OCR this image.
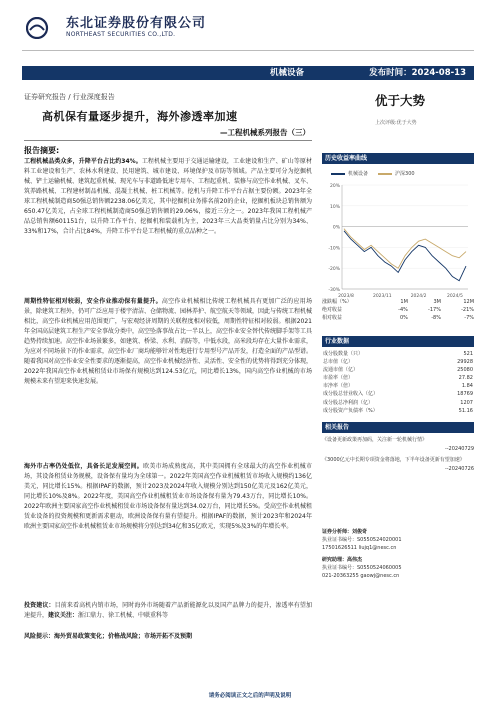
东北证券股份有限公司
NORTHEAST SECURITIES CO.,LTD.
机械设备	发布时间：2024-08-13
证券研究报告 / 行业深度报告	优于大势
上次评级:优于大势
高机保有量逐步提升，海外渗透率加速
—工程机械系列报告（三）
报告摘要:
工程机械品类众多，升降平台占比约34%。工程机械主要用于交通运输建设，工业建设和生产、矿山等原材料工业建设和生产、农林水利建设、民用建筑、城市建设、环境保护及市防等领域。产品主要可分为挖掘机械、铲土运输机械、建筑起重机械、现光车与非道路低速专用车、工程起重机、装修与高空作业机械、叉车、筑养路机械、工程建材制品机械、混凝土机械、桩工机械等。挖机与升降工作平台占据主要份额。2023年全球工程机械制造商50强总销售额2238.06亿美元，其中挖掘机业务排名前20的企业，挖掘机板块总销售额为650.47亿美元，占全球工程机械制造商50强总销售额的29.06%，接近三分之一。2023年我国工程机械产品总销售额601151台，以升降工作平台、挖掘机和装载机为主，2023年三大品类销量占比分别为34%、33%和17%，合计占比84%，升降工作平台是工程机械的重点品种之一。
周期性特征相对较弱，安全作业推动保有量提升。高空作业机械相比传统工程机械具有更加广泛的应用场景，除建筑工程外，仍可广泛应用于楼宇清洁、仓储物流、园林养护、航空航天等领域，因此与传统工程机械相比，高空作业机械应用范围更广，与宏观经济周期的关联程度相对较低，周期性特征相对较弱。根据2021年全国高层建筑工程生产安全事故分类中，高空坠落事故占比一半以上，高空作业安全替代传统脚手架等工具趋势持续加速。高空作业场景繁多，如建筑、桥梁、水利、消防等，中低水段，高米段均存在大量作业需求，为应对不同场景下的作业需求，高空作业厂商均能够针对性地进行专用型号产品开发，打造全面的产品型谱。随着我国对高空作业安全性要求的逐渐提高，高空作业机械经济性、灵活性、安全性的优势将得到充分体现，2022年我国高空作业机械租赁业市场保有规模达到124.53亿元，同比增长13%，国内高空作业机械的市场规模未来有望迎来快速发展。
海外市占率仍处低位，具备长足发展空间。欧美市场成熟度高，其中美国拥有全球最大的高空作业机械市场，其设备租赁业务规模，设备保有量均为全球第一。2022年美国高空作业机械租赁市场收入规模约136亿美元，同比增长15%。根据IPAF的数据，预计2023及2024年收入规模分别达到150亿美元及162亿美元，同比增长10%及8%。2022年度，美国高空作业机械租赁业市场设备保有量为79.43万台，同比增长10%。2022年欧洲主要国家高空作业机械租赁业市场设备保有量达到34.02万台，同比增长5%。受高空作业机械租赁业设备的投资规模和更新需求驱动，欧洲设备保有量有望提升。根据IPAF的数据，预计2023年和2024年欧洲主要国家高空作业机械租赁业市场规模将分别达到34亿和35亿欧元，实现5%及3%的年增长率。
投资建议：目前来看高机内销市场，同时海外市场随着产品新能源化以及国产品牌力的提升，渗透率有望加速提升，建议关注：浙江鼎力、徐工机械、中联重科等
风险提示：海外贸易政策变化；价格战风险；市场开拓不及预期
历史收益率曲线
机械设备	沪深300
20%
10%
0%
-10%
-20%
-30%
2023/8	2023/11	2024/2	2024/5
涨跌幅（%）	1M	3M	12M
绝对收益	-4%	-17%	-21%
相对收益	0%	-8%	-7%
行业数据
成分股数量（只）	521
总市值（亿）	29928
流通市值（亿）	25080
市盈率（倍）	27.82
市净率（倍）	1.84
成分股总营业收入（亿）	18769
成分股总净利润（亿）	1207
成分股资产负债率（%）	51.16
相关报告
《设备更新政策再加码，关注新一轮机械行情》
--20240729
《3000亿元中长期专项资金将落地，下半年设备更新有望加速》
--20240726
证券分析师：刘俊奇
执业证书编号：S0550524020001
17501626511 liujq1@nesc.cn
研究助理：高伟杰
执业证书编号：S0550524060005
021-20363255 gaowj@nesc.cn
请务必阅读正文之后的声明及说明
